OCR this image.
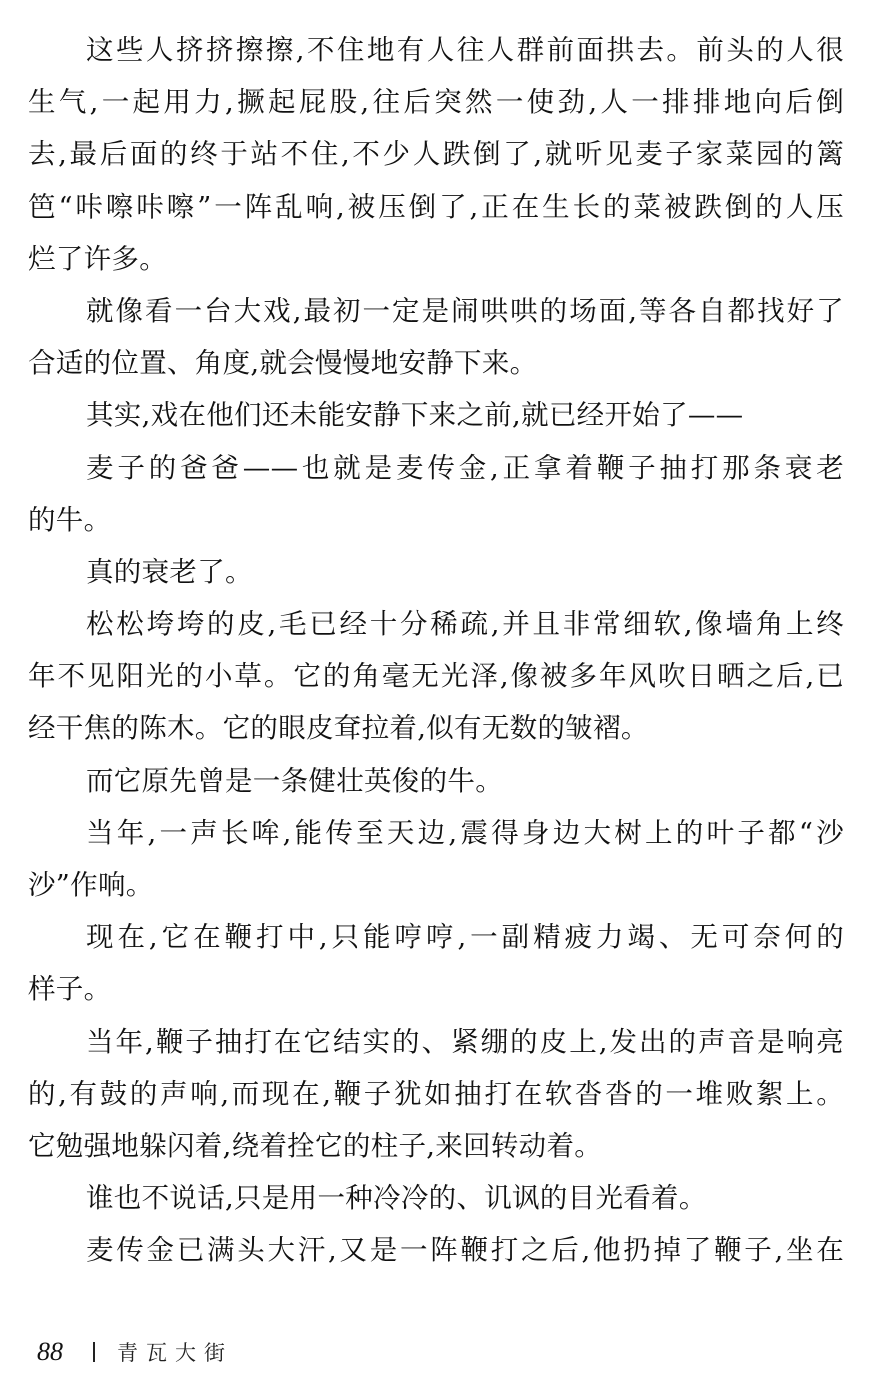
这些人挤挤擦擦,不住地有人往人群前面拱去。前头的人很
生气,一起用力,撅起屁股,往后突然一使劲,人一排排地向后倒
去,最后面的终于站不住,不少人跌倒了,就听见麦子家菜园的篱
笆“咔嚓咔嚓”一阵乱响,被压倒了,正在生长的菜被跌倒的人压
烂了许多。
就像看一台大戏,最初一定是闹哄哄的场面,等各自都找好了
合适的位置、角度,就会慢慢地安静下来。
其实,戏在他们还未能安静下来之前,就已经开始了——
麦子的爸爸——也就是麦传金,正拿着鞭子抽打那条衰老
的牛。
真的衰老了。
松松垮垮的皮,毛已经十分稀疏,并且非常细软,像墙角上终
年不见阳光的小草。它的角毫无光泽,像被多年风吹日晒之后,已
经干焦的陈木。它的眼皮耷拉着,似有无数的皱褶。
而它原先曾是一条健壮英俊的牛。
当年,一声长哞,能传至天边,震得身边大树上的叶子都“沙
沙”作响。
现在,它在鞭打中,只能哼哼,一副精疲力竭、无可奈何的
样子。
当年,鞭子抽打在它结实的、紧绷的皮上,发出的声音是响亮
的,有鼓的声响,而现在,鞭子犹如抽打在软沓沓的一堆败絮上。
它勉强地躲闪着,绕着拴它的柱子,来回转动着。
谁也不说话,只是用一种冷冷的、讥讽的目光看着。
麦传金已满头大汗,又是一阵鞭打之后,他扔掉了鞭子,坐在
88	青瓦大街
